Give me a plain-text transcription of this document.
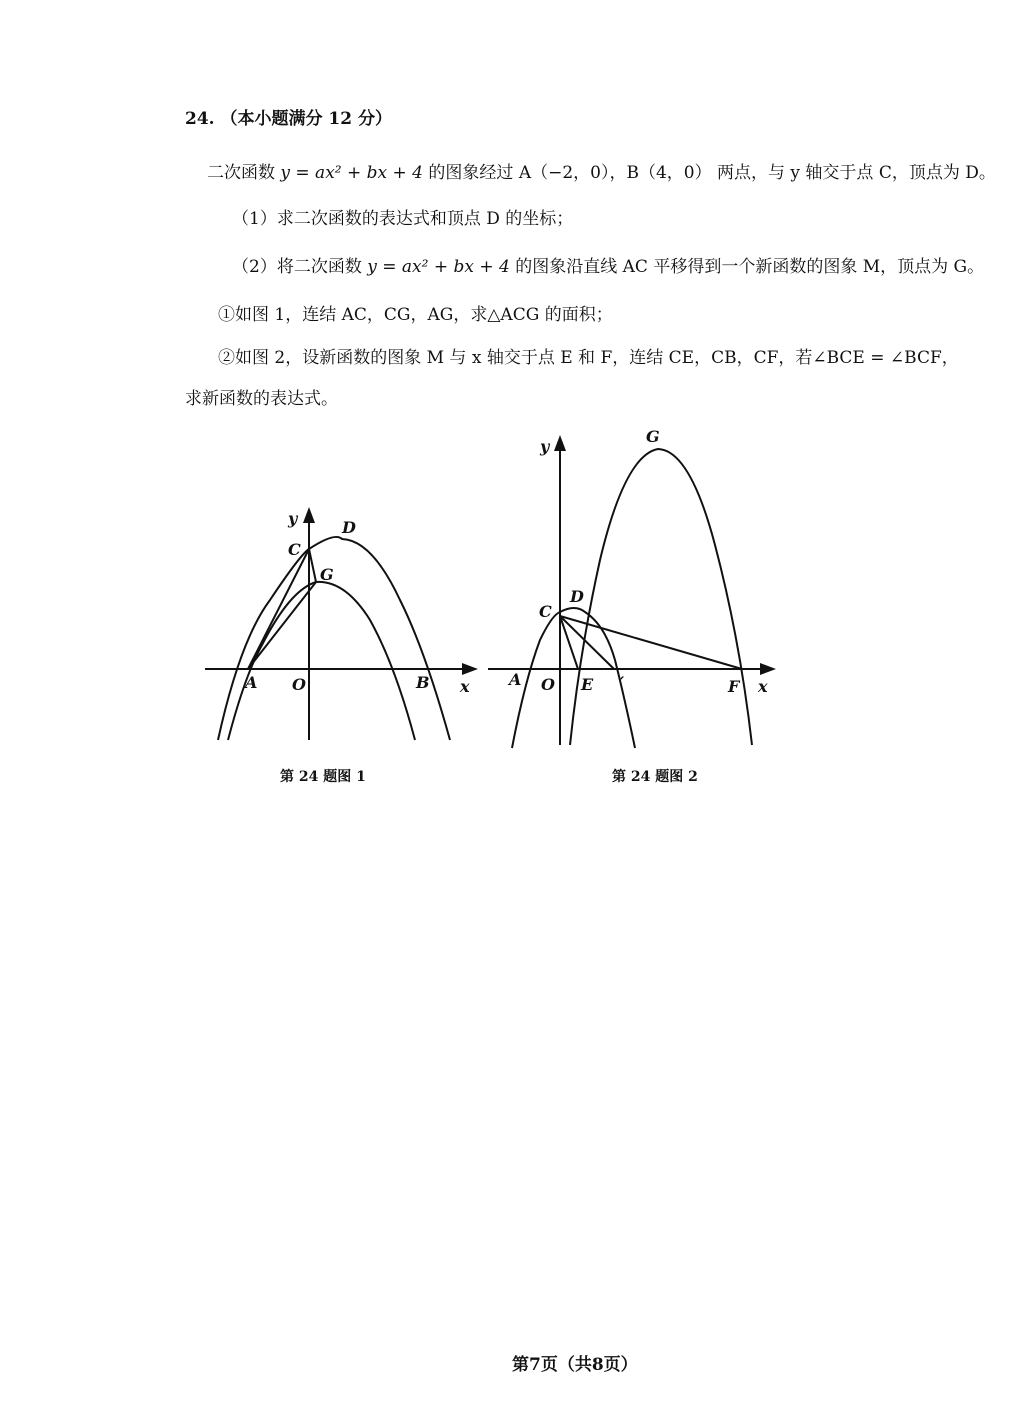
24. （本小题满分 12 分）
二次函数 y = ax² + bx + 4 的图象经过 A（−2，0），B（4，0） 两点，与 y 轴交于点 C，顶点为 D。
（1）求二次函数的表达式和顶点 D 的坐标；
（2）将二次函数 y = ax² + bx + 4 的图象沿直线 AC 平移得到一个新函数的图象 M，顶点为 G。
①如图 1，连结 AC，CG，AG，求△ACG 的面积；
②如图 2，设新函数的图象 M 与 x 轴交于点 E 和 F，连结 CE，CB，CF，若∠BCE = ∠BCF，
求新函数的表达式。
y
x
O
A	B
C
D
G
y
x
O
A	E ′	F
C
D
G
第 24 题图 1	第 24 题图 2
第7页（共8页）
